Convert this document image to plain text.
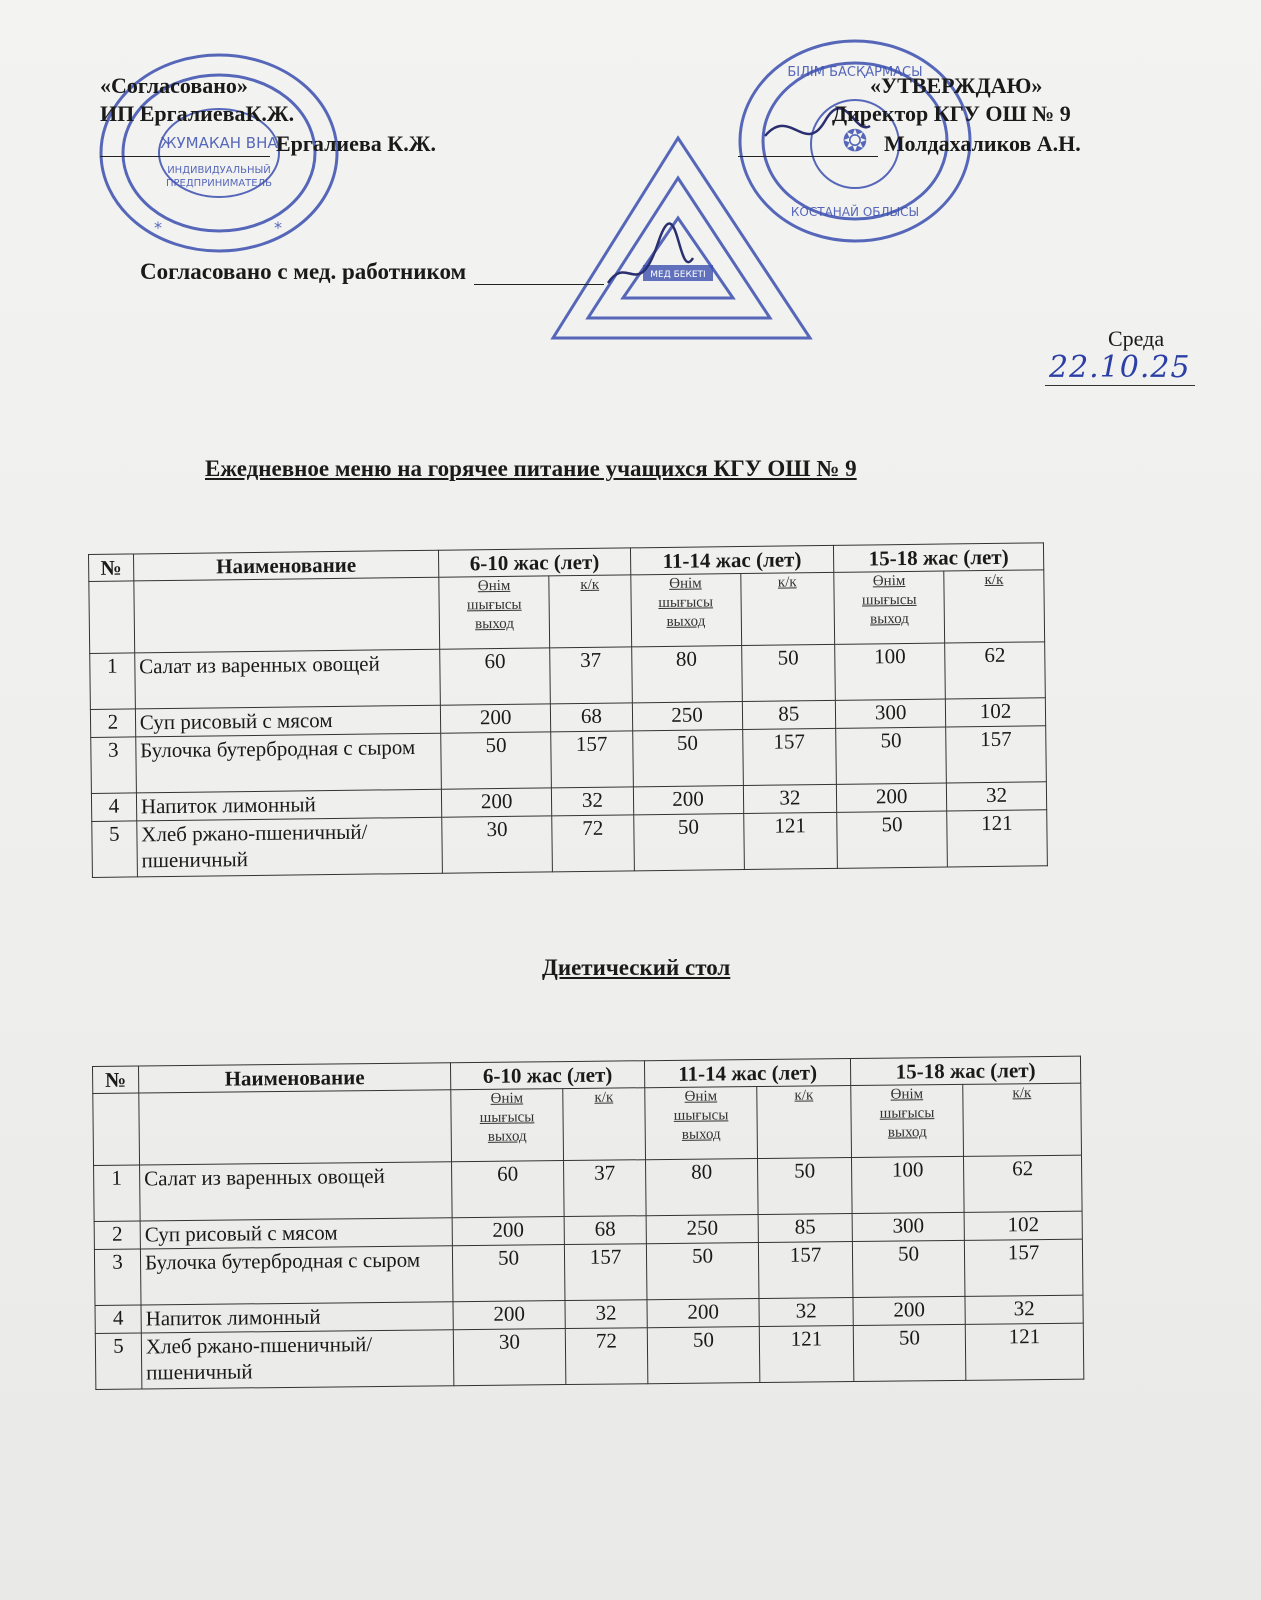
ЖУМАКАН ВНА
ИНДИВИДУАЛЬНЫЙ
ПРЕДПРИНИМАТЕЛЬ
*	*
БІЛІМ БАСҚАРМАСЫ
КОСТАНАЙ ОБЛЫСЫ
❂
МЕД БЕКЕТІ
«Согласовано»
ИП ЕргалиеваК.Ж.
Ергалиева К.Ж.
«УТВЕРЖДАЮ»
Директор КГУ ОШ № 9
Молдахаликов А.Н.
Согласовано с мед. работником
Среда
22.10.25
Ежедневное меню на горячее питание учащихся КГУ ОШ № 9
№	Наименование	6-10 жас (лет)		11-14 жас (лет)		15-18 жас (лет)	
		Өнім
шығысы
выход	к/к	Өнім
шығысы
выход	к/к	Өнім
шығысы
выход	к/к
1	Салат из варенных овощей	60	37	80	50	100	62
2	Суп рисовый с мясом	200	68	250	85	300	102
3	Булочка бутербродная с сыром	50	157	50	157	50	157
4	Напиток лимонный	200	32	200	32	200	32
5	Хлеб ржано-пшеничный/пшеничный	30	72	50	121	50	121
Диетический стол
№	Наименование	6-10 жас (лет)		11-14 жас (лет)		15-18 жас (лет)	
		Өнім
шығысы
выход	к/к	Өнім
шығысы
выход	к/к	Өнім
шығысы
выход	к/к
1	Салат из варенных овощей	60	37	80	50	100	62
2	Суп рисовый с мясом	200	68	250	85	300	102
3	Булочка бутербродная с сыром	50	157	50	157	50	157
4	Напиток лимонный	200	32	200	32	200	32
5	Хлеб ржано-пшеничный/пшеничный	30	72	50	121	50	121
